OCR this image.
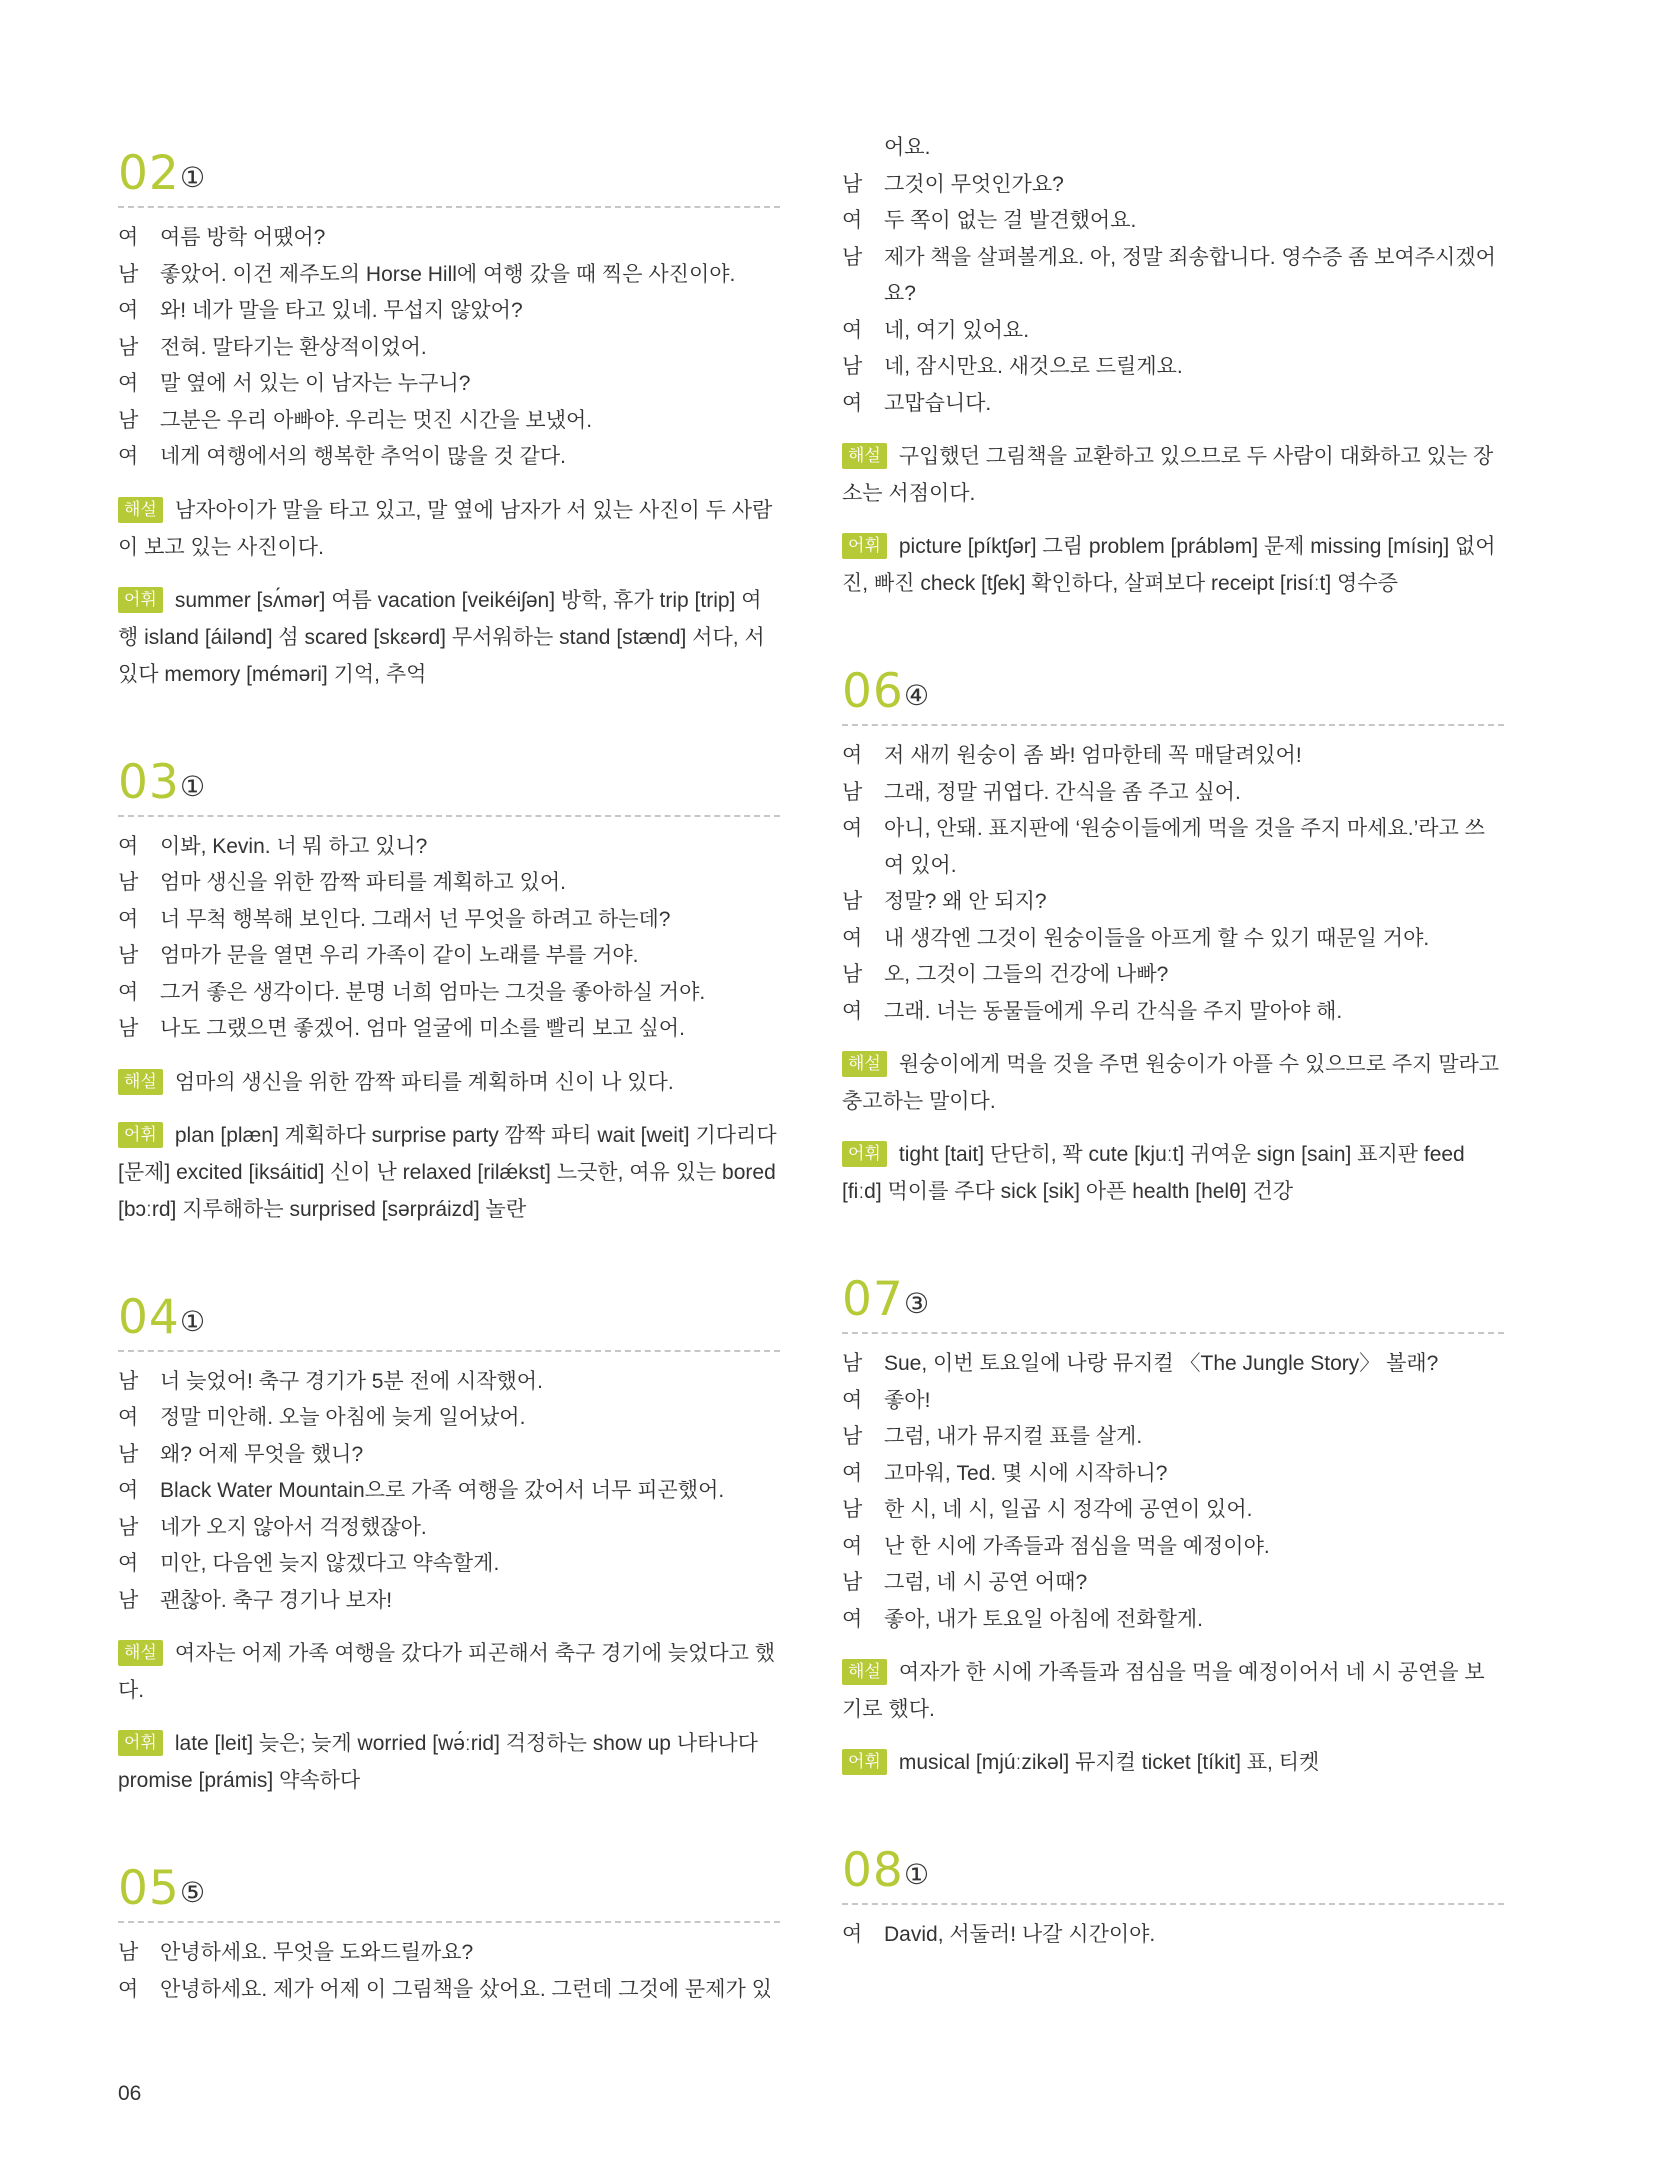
02 ①
여	여름 방학 어땠어?
남	좋았어. 이건 제주도의 Horse Hill에 여행 갔을 때 찍은 사진이야.
여	와! 네가 말을 타고 있네. 무섭지 않았어?
남	전혀. 말타기는 환상적이었어.
여	말 옆에 서 있는 이 남자는 누구니?
남	그분은 우리 아빠야. 우리는 멋진 시간을 보냈어.
여	네게 여행에서의 행복한 추억이 많을 것 같다.
해설 남자아이가 말을 타고 있고, 말 옆에 남자가 서 있는 사진이 두 사람이 보고 있는 사진이다.
어휘 summer [sʌ́mər] 여름 vacation [veikéiʃən] 방학, 휴가 trip [trip] 여행 island [áilənd] 섬 scared [skɛərd] 무서워하는 stand [stænd] 서다, 서 있다 memory [méməri] 기억, 추억
03 ①
여	이봐, Kevin. 너 뭐 하고 있니?
남	엄마 생신을 위한 깜짝 파티를 계획하고 있어.
여	너 무척 행복해 보인다. 그래서 넌 무엇을 하려고 하는데?
남	엄마가 문을 열면 우리 가족이 같이 노래를 부를 거야.
여	그거 좋은 생각이다. 분명 너희 엄마는 그것을 좋아하실 거야.
남	나도 그랬으면 좋겠어. 엄마 얼굴에 미소를 빨리 보고 싶어.
해설 엄마의 생신을 위한 깜짝 파티를 계획하며 신이 나 있다.
어휘 plan [plæn] 계획하다 surprise party 깜짝 파티 wait [weit] 기다리다 [문제] excited [iksáitid] 신이 난 relaxed [rilǽkst] 느긋한, 여유 있는 bored [bɔːrd] 지루해하는 surprised [sərpráizd] 놀란
04 ①
남	너 늦었어! 축구 경기가 5분 전에 시작했어.
여	정말 미안해. 오늘 아침에 늦게 일어났어.
남	왜? 어제 무엇을 했니?
여	Black Water Mountain으로 가족 여행을 갔어서 너무 피곤했어.
남	네가 오지 않아서 걱정했잖아.
여	미안, 다음엔 늦지 않겠다고 약속할게.
남	괜찮아. 축구 경기나 보자!
해설 여자는 어제 가족 여행을 갔다가 피곤해서 축구 경기에 늦었다고 했다.
어휘 late [leit] 늦은; 늦게 worried [wə́ːrid] 걱정하는 show up 나타나다 promise [prámis] 약속하다
05 ⑤
남	안녕하세요. 무엇을 도와드릴까요?
여	안녕하세요. 제가 어제 이 그림책을 샀어요. 그런데 그것에 문제가 있
어요.
남	그것이 무엇인가요?
여	두 쪽이 없는 걸 발견했어요.
남	제가 책을 살펴볼게요. 아, 정말 죄송합니다. 영수증 좀 보여주시겠어
요?
여	네, 여기 있어요.
남	네, 잠시만요. 새것으로 드릴게요.
여	고맙습니다.
해설 구입했던 그림책을 교환하고 있으므로 두 사람이 대화하고 있는 장소는 서점이다.
어휘 picture [píktʃər] 그림 problem [prábləm] 문제 missing [mísiŋ] 없어진, 빠진 check [tʃek] 확인하다, 살펴보다 receipt [risíːt] 영수증
06 ④
여	저 새끼 원숭이 좀 봐! 엄마한테 꼭 매달려있어!
남	그래, 정말 귀엽다. 간식을 좀 주고 싶어.
여	아니, 안돼. 표지판에 ‘원숭이들에게 먹을 것을 주지 마세요.’라고 쓰
여 있어.
남	정말? 왜 안 되지?
여	내 생각엔 그것이 원숭이들을 아프게 할 수 있기 때문일 거야.
남	오, 그것이 그들의 건강에 나빠?
여	그래. 너는 동물들에게 우리 간식을 주지 말아야 해.
해설 원숭이에게 먹을 것을 주면 원숭이가 아플 수 있으므로 주지 말라고 충고하는 말이다.
어휘 tight [tait] 단단히, 꽉 cute [kjuːt] 귀여운 sign [sain] 표지판 feed [fiːd] 먹이를 주다 sick [sik] 아픈 health [helθ] 건강
07 ③
남	Sue, 이번 토요일에 나랑 뮤지컬 〈The Jungle Story〉 볼래?
여	좋아!
남	그럼, 내가 뮤지컬 표를 살게.
여	고마워, Ted. 몇 시에 시작하니?
남	한 시, 네 시, 일곱 시 정각에 공연이 있어.
여	난 한 시에 가족들과 점심을 먹을 예정이야.
남	그럼, 네 시 공연 어때?
여	좋아, 내가 토요일 아침에 전화할게.
해설 여자가 한 시에 가족들과 점심을 먹을 예정이어서 네 시 공연을 보기로 했다.
어휘 musical [mjúːzikəl] 뮤지컬 ticket [tíkit] 표, 티켓
08 ①
여	David, 서둘러! 나갈 시간이야.
06
